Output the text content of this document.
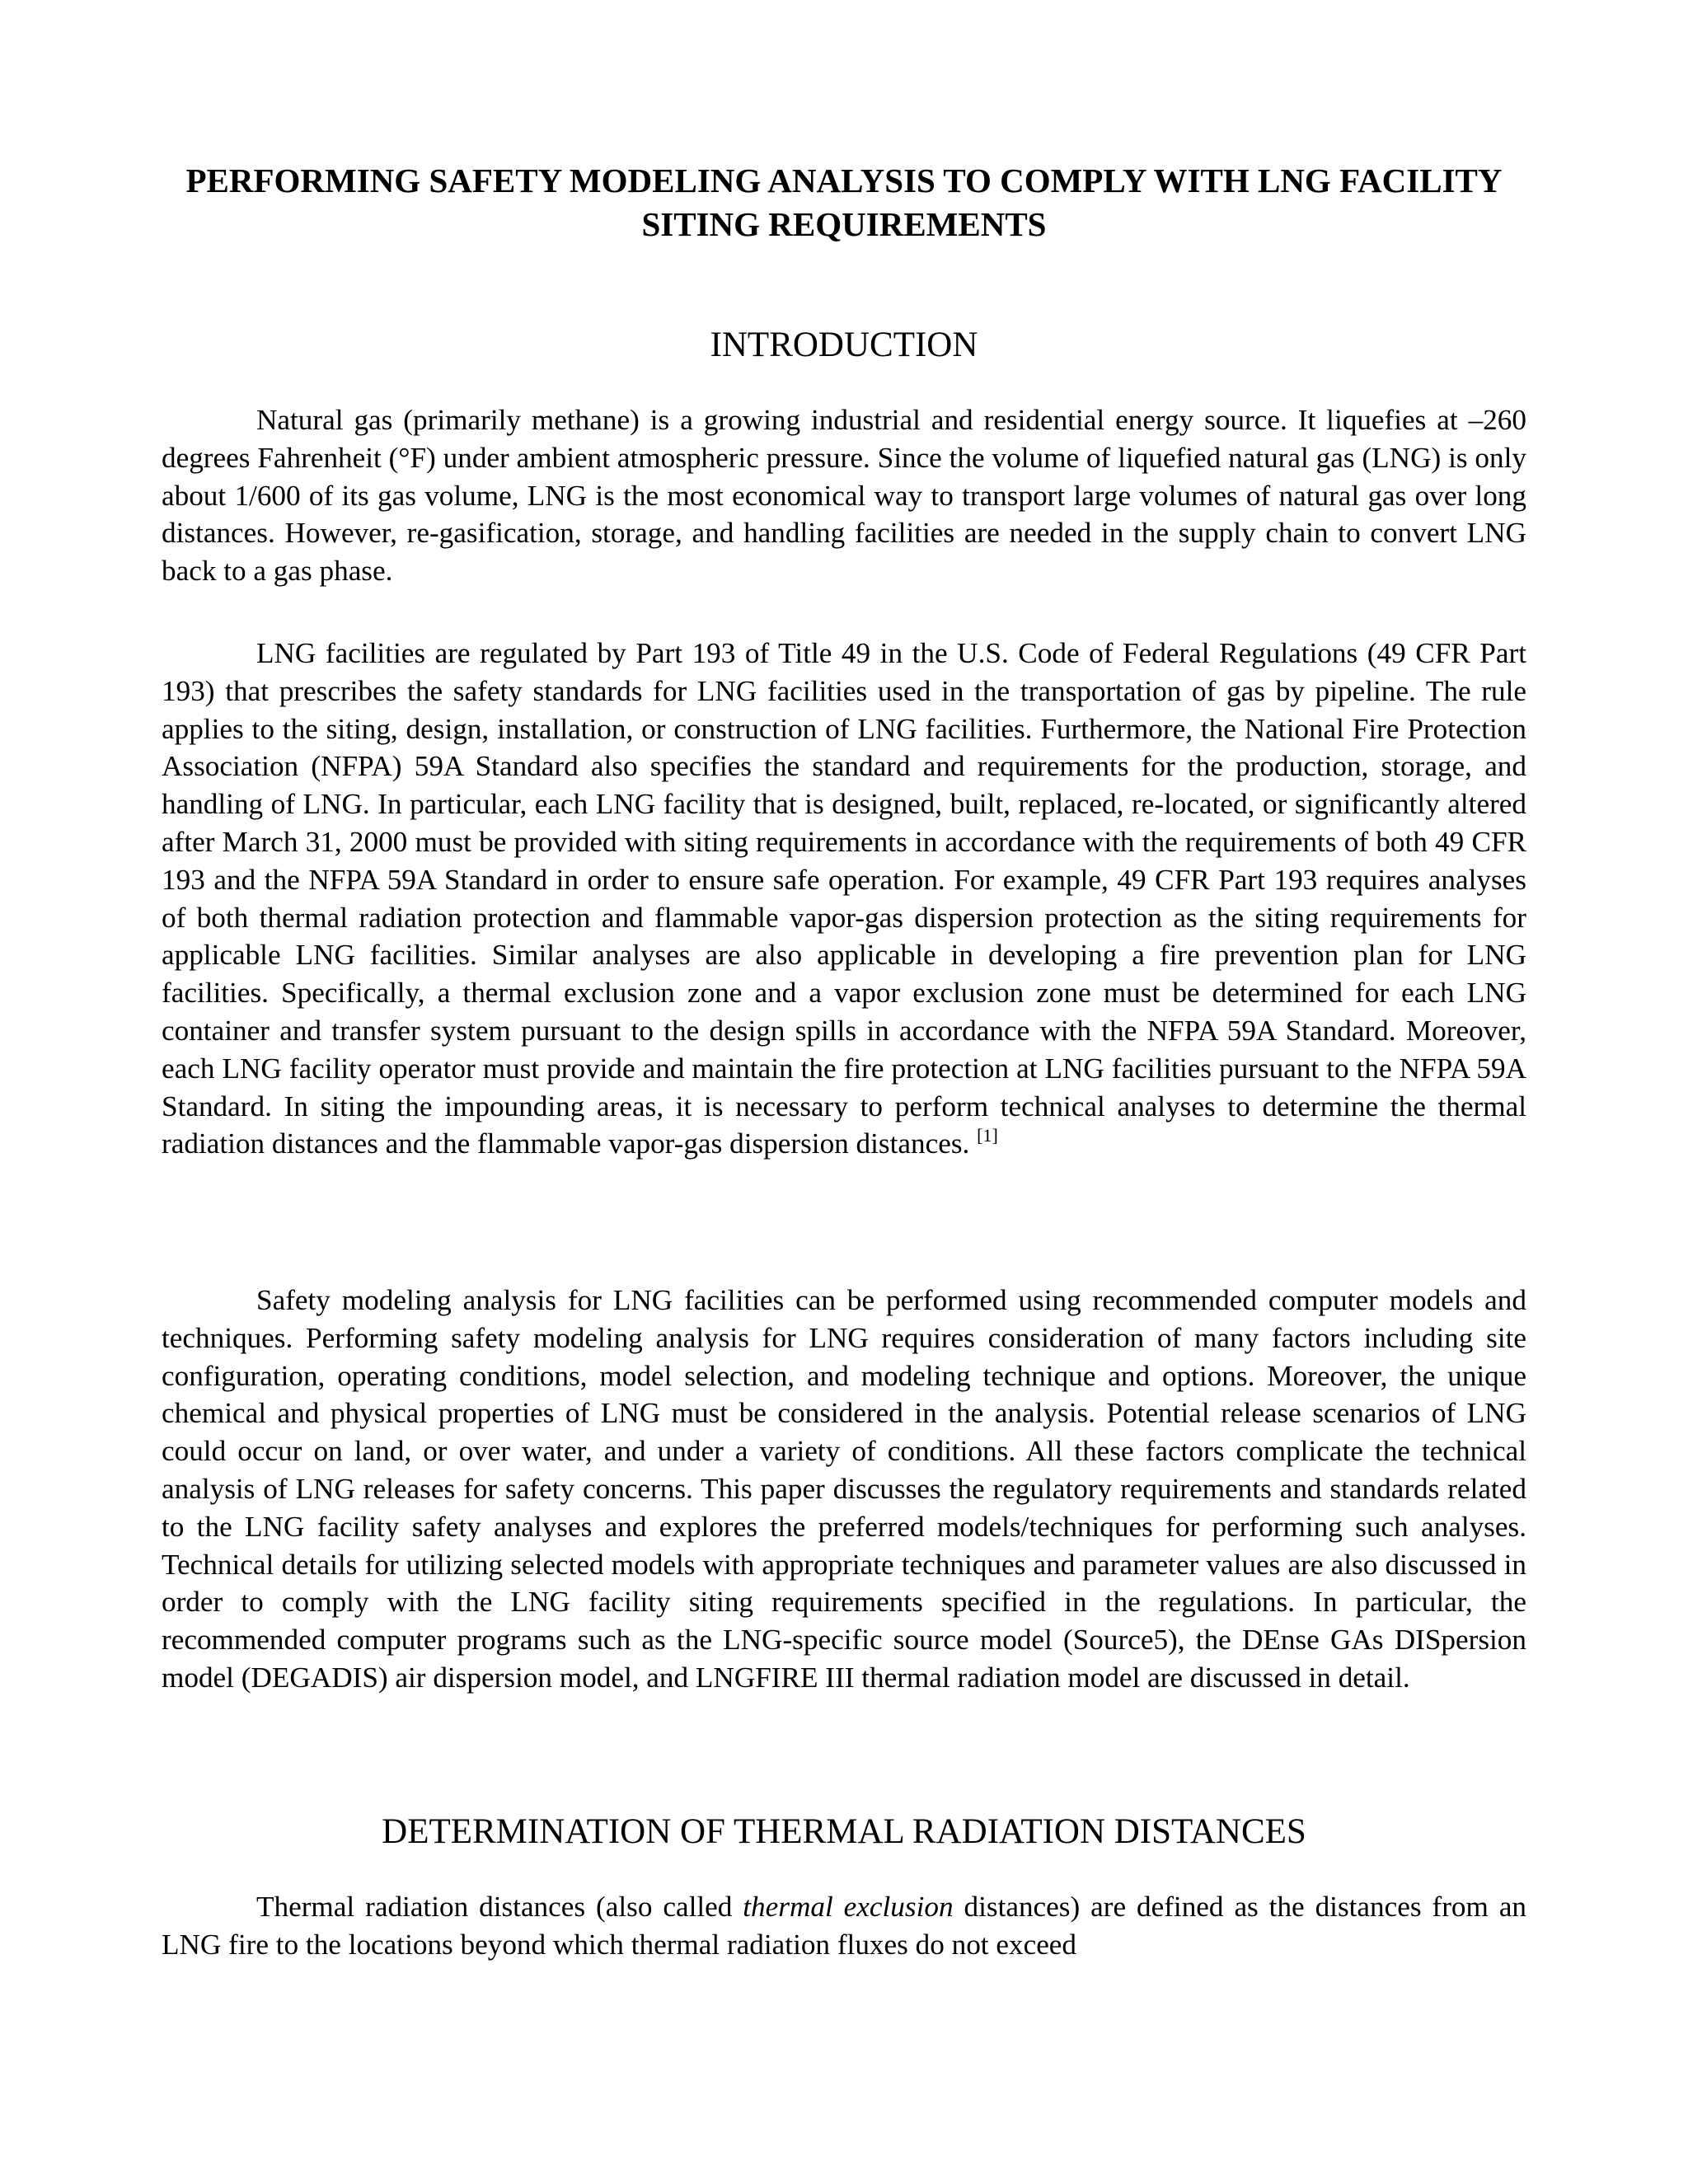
PERFORMING SAFETY MODELING ANALYSIS TO COMPLY WITH LNG FACILITY SITING REQUIREMENTS
INTRODUCTION

Natural gas (primarily methane) is a growing industrial and residential energy source. It liquefies at –260 degrees Fahrenheit (°F) under ambient atmospheric pressure. Since the volume of liquefied natural gas (LNG) is only about 1/600 of its gas volume, LNG is the most economical way to transport large volumes of natural gas over long distances. However, re-gasification, storage, and handling facilities are needed in the supply chain to convert LNG back to a gas phase.

LNG facilities are regulated by Part 193 of Title 49 in the U.S. Code of Federal Regulations (49 CFR Part 193) that prescribes the safety standards for LNG facilities used in the transportation of gas by pipeline. The rule applies to the siting, design, installation, or construction of LNG facilities. Furthermore, the National Fire Protection Association (NFPA) 59A Standard also specifies the standard and requirements for the production, storage, and handling of LNG. In particular, each LNG facility that is designed, built, replaced, re-located, or significantly altered after March 31, 2000 must be provided with siting requirements in accordance with the requirements of both 49 CFR 193 and the NFPA 59A Standard in order to ensure safe operation. For example, 49 CFR Part 193 requires analyses of both thermal radiation protection and flammable vapor-gas dispersion protection as the siting requirements for applicable LNG facilities. Similar analyses are also applicable in developing a fire prevention plan for LNG facilities. Specifically, a thermal exclusion zone and a vapor exclusion zone must be determined for each LNG container and transfer system pursuant to the design spills in accordance with the NFPA 59A Standard. Moreover, each LNG facility operator must provide and maintain the fire protection at LNG facilities pursuant to the NFPA 59A Standard. In siting the impounding areas, it is necessary to perform technical analyses to determine the thermal radiation distances and the flammable vapor-gas dispersion distances. [1]

Safety modeling analysis for LNG facilities can be performed using recommended computer models and techniques. Performing safety modeling analysis for LNG requires consideration of many factors including site configuration, operating conditions, model selection, and modeling technique and options. Moreover, the unique chemical and physical properties of LNG must be considered in the analysis. Potential release scenarios of LNG could occur on land, or over water, and under a variety of conditions. All these factors complicate the technical analysis of LNG releases for safety concerns. This paper discusses the regulatory requirements and standards related to the LNG facility safety analyses and explores the preferred models/techniques for performing such analyses. Technical details for utilizing selected models with appropriate techniques and parameter values are also discussed in order to comply with the LNG facility siting requirements specified in the regulations. In particular, the recommended computer programs such as the LNG-specific source model (Source5), the DEnse GAs DISpersion model (DEGADIS) air dispersion model, and LNGFIRE III thermal radiation model are discussed in detail.

DETERMINATION OF THERMAL RADIATION DISTANCES

Thermal radiation distances (also called thermal exclusion distances) are defined as the distances from an LNG fire to the locations beyond which thermal radiation fluxes do not exceed
